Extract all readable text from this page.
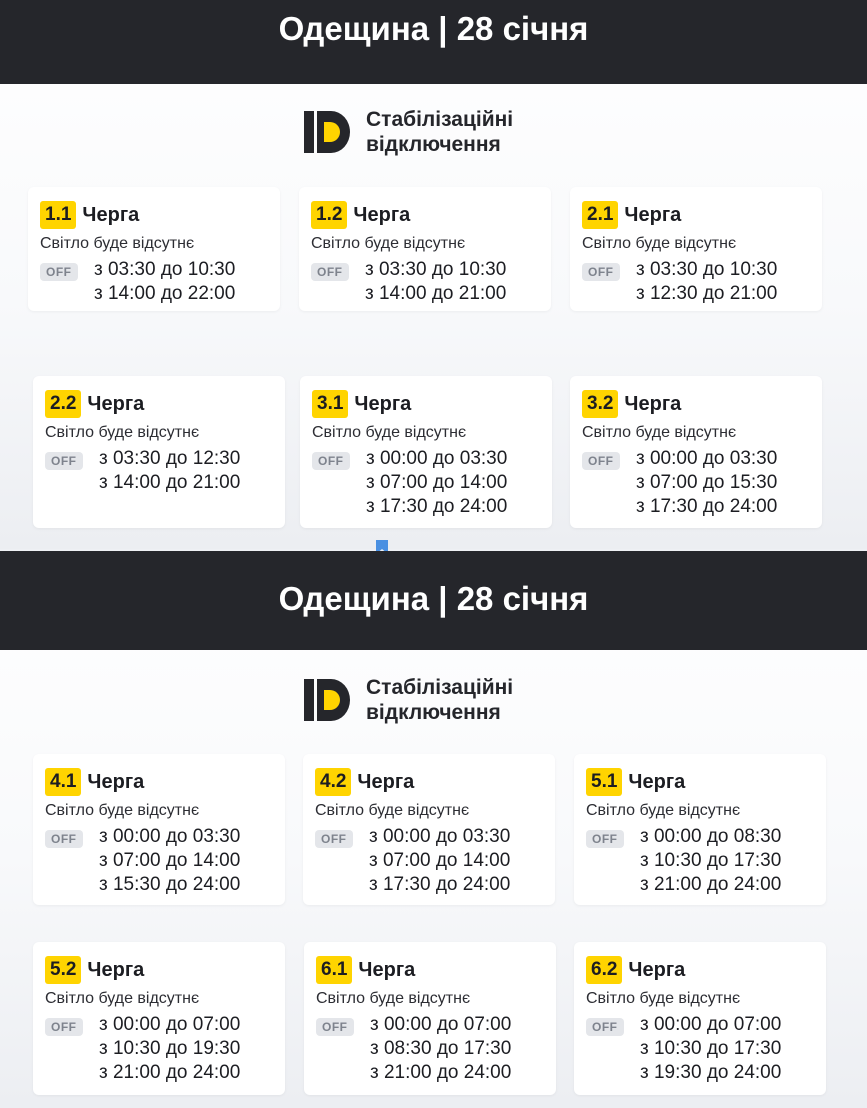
Одещина | 28 січня
Стабілізаційні
відключення
1.1 Черга
Світло буде відсутнє
OFF	з 03:30 до 10:30
з 14:00 до 22:00
1.2 Черга
Світло буде відсутнє
OFF	з 03:30 до 10:30
з 14:00 до 21:00
2.1 Черга
Світло буде відсутнє
OFF	з 03:30 до 10:30
з 12:30 до 21:00
2.2 Черга
Світло буде відсутнє
OFF	з 03:30 до 12:30
з 14:00 до 21:00
3.1 Черга
Світло буде відсутнє
OFF	з 00:00 до 03:30
з 07:00 до 14:00
з 17:30 до 24:00
3.2 Черга
Світло буде відсутнє
OFF	з 00:00 до 03:30
з 07:00 до 15:30
з 17:30 до 24:00
Одещина | 28 січня
Стабілізаційні
відключення
4.1 Черга
Світло буде відсутнє
OFF	з 00:00 до 03:30
з 07:00 до 14:00
з 15:30 до 24:00
4.2 Черга
Світло буде відсутнє
OFF	з 00:00 до 03:30
з 07:00 до 14:00
з 17:30 до 24:00
5.1 Черга
Світло буде відсутнє
OFF	з 00:00 до 08:30
з 10:30 до 17:30
з 21:00 до 24:00
5.2 Черга
Світло буде відсутнє
OFF	з 00:00 до 07:00
з 10:30 до 19:30
з 21:00 до 24:00
6.1 Черга
Світло буде відсутнє
OFF	з 00:00 до 07:00
з 08:30 до 17:30
з 21:00 до 24:00
6.2 Черга
Світло буде відсутнє
OFF	з 00:00 до 07:00
з 10:30 до 17:30
з 19:30 до 24:00
